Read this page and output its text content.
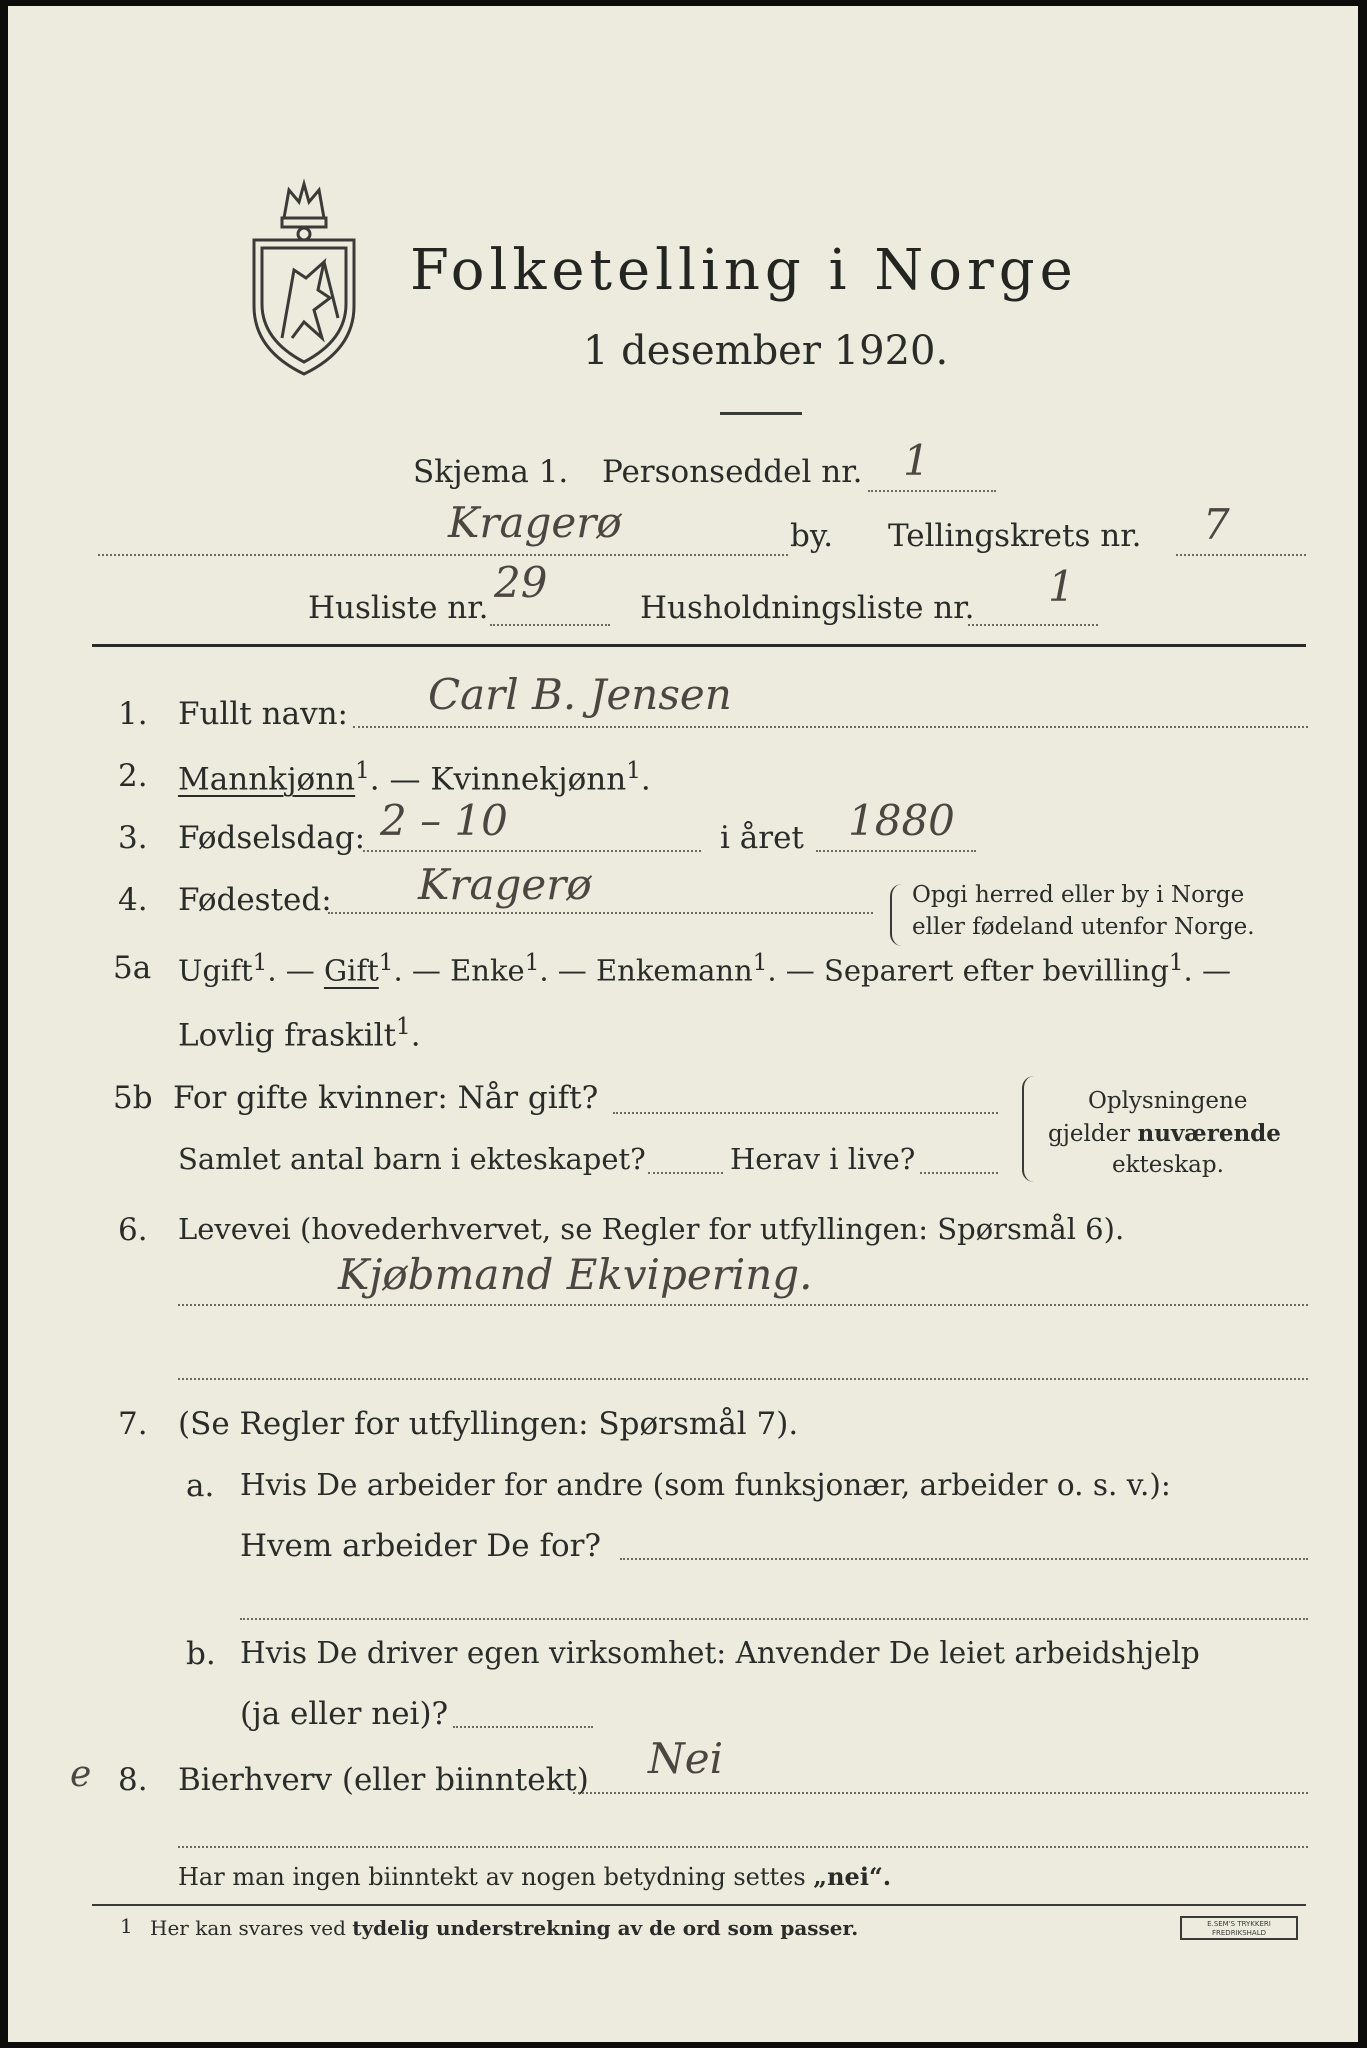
Folketelling i Norge
1 desember 1920.
Skjema 1. Personseddel nr. 1
Kragerø	by. Tellingskrets nr. 7
Husliste nr.
29
Husholdningsliste nr. 1
1. Fullt navn: Carl B. Jensen
2. Mannkjønn$^1$. — Kvinnekjønn$^1$.
3. Fødselsdag: 2 – 10	i året 1880
4. Fødested: Kragerø	Opgi herred eller by i Norge
eller fødeland utenfor Norge.
5a Ugift$^1$. — Gift$^1$. — Enke$^1$. — Enkemann$^1$. — Separert efter bevilling$^1$. —
Lovlig fraskilt$^1$.
5b For gifte kvinner: Når gift?
Samlet antal barn i ekteskapet?	Herav i live?
Oplysningene
gjelder nuværende
ekteskap.
6. Levevei (hovederhvervet, se Regler for utfyllingen: Spørsmål 6).
Kjøbmand Ekvipering.
7. (Se Regler for utfyllingen: Spørsmål 7).
a. Hvis De arbeider for andre (som funksjonær, arbeider o. s. v.):
Hvem arbeider De for?
b. Hvis De driver egen virksomhet: Anvender De leiet arbeidshjelp
(ja eller nei)?
e 8. Bierhverv (eller biinntekt) Nei
Har man ingen biinntekt av nogen betydning settes „nei“.
1 Her kan svares ved tydelig understrekning av de ord som passer.	E.SEM'S TRYKKERI
FREDRIKSHALD
